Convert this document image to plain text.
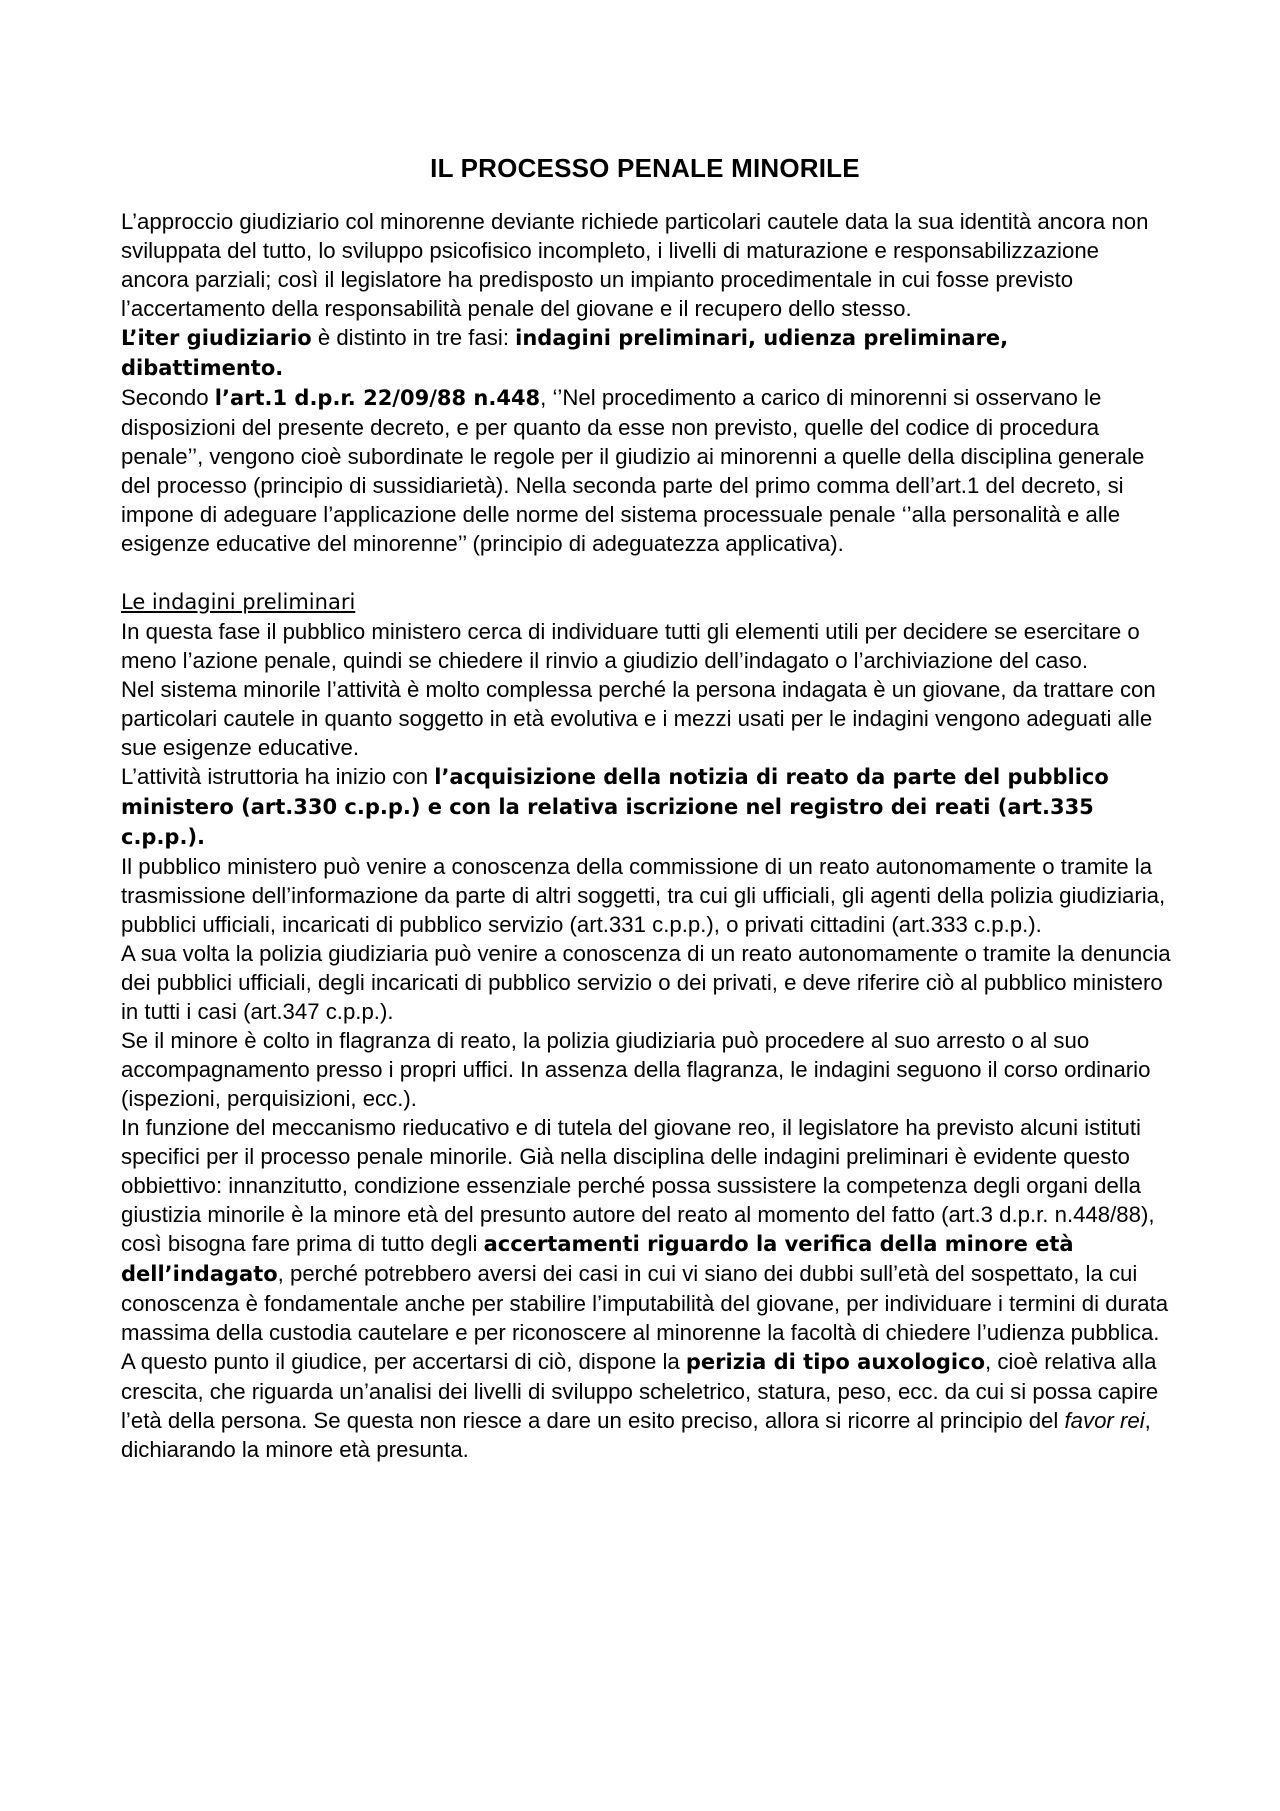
IL PROCESSO PENALE MINORILE

L’approccio giudiziario col minorenne deviante richiede particolari cautele data la sua identità ancora non sviluppata del tutto, lo sviluppo psicofisico incompleto, i livelli di maturazione e responsabilizzazione ancora parziali; così il legislatore ha predisposto un impianto procedimentale in cui fosse previsto l’accertamento della responsabilità penale del giovane e il recupero dello stesso.

L’iter giudiziario è distinto in tre fasi: indagini preliminari, udienza preliminare, dibattimento.

Secondo l’art.1 d.p.r. 22/09/88 n.448, ‘’Nel procedimento a carico di minorenni si osservano le disposizioni del presente decreto, e per quanto da esse non previsto, quelle del codice di procedura penale’’, vengono cioè subordinate le regole per il giudizio ai minorenni a quelle della disciplina generale del processo (principio di sussidiarietà). Nella seconda parte del primo comma dell’art.1 del decreto, si impone di adeguare l’applicazione delle norme del sistema processuale penale ‘’alla personalità e alle esigenze educative del minorenne’’ (principio di adeguatezza applicativa).

Le indagini preliminari

In questa fase il pubblico ministero cerca di individuare tutti gli elementi utili per decidere se esercitare o meno l’azione penale, quindi se chiedere il rinvio a giudizio dell’indagato o l’archiviazione del caso.

Nel sistema minorile l’attività è molto complessa perché la persona indagata è un giovane, da trattare con particolari cautele in quanto soggetto in età evolutiva e i mezzi usati per le indagini vengono adeguati alle sue esigenze educative.

L’attività istruttoria ha inizio con l’acquisizione della notizia di reato da parte del pubblico ministero (art.330 c.p.p.) e con la relativa iscrizione nel registro dei reati (art.335 c.p.p.).

Il pubblico ministero può venire a conoscenza della commissione di un reato autonomamente o tramite la trasmissione dell’informazione da parte di altri soggetti, tra cui gli ufficiali, gli agenti della polizia giudiziaria, pubblici ufficiali, incaricati di pubblico servizio (art.331 c.p.p.), o privati cittadini (art.333 c.p.p.).

A sua volta la polizia giudiziaria può venire a conoscenza di un reato autonomamente o tramite la denuncia dei pubblici ufficiali, degli incaricati di pubblico servizio o dei privati, e deve riferire ciò al pubblico ministero in tutti i casi (art.347 c.p.p.).

Se il minore è colto in flagranza di reato, la polizia giudiziaria può procedere al suo arresto o al suo accompagnamento presso i propri uffici. In assenza della flagranza, le indagini seguono il corso ordinario (ispezioni, perquisizioni, ecc.).

In funzione del meccanismo rieducativo e di tutela del giovane reo, il legislatore ha previsto alcuni istituti specifici per il processo penale minorile. Già nella disciplina delle indagini preliminari è evidente questo obbiettivo: innanzitutto, condizione essenziale perché possa sussistere la competenza degli organi della giustizia minorile è la minore età del presunto autore del reato al momento del fatto (art.3 d.p.r. n.448/88), così bisogna fare prima di tutto degli accertamenti riguardo la verifica della minore età dell’indagato, perché potrebbero aversi dei casi in cui vi siano dei dubbi sull’età del sospettato, la cui conoscenza è fondamentale anche per stabilire l’imputabilità del giovane, per individuare i termini di durata massima della custodia cautelare e per riconoscere al minorenne la facoltà di chiedere l’udienza pubblica.

A questo punto il giudice, per accertarsi di ciò, dispone la perizia di tipo auxologico, cioè relativa alla crescita, che riguarda un’analisi dei livelli di sviluppo scheletrico, statura, peso, ecc. da cui si possa capire l’età della persona. Se questa non riesce a dare un esito preciso, allora si ricorre al principio del favor rei, dichiarando la minore età presunta.
